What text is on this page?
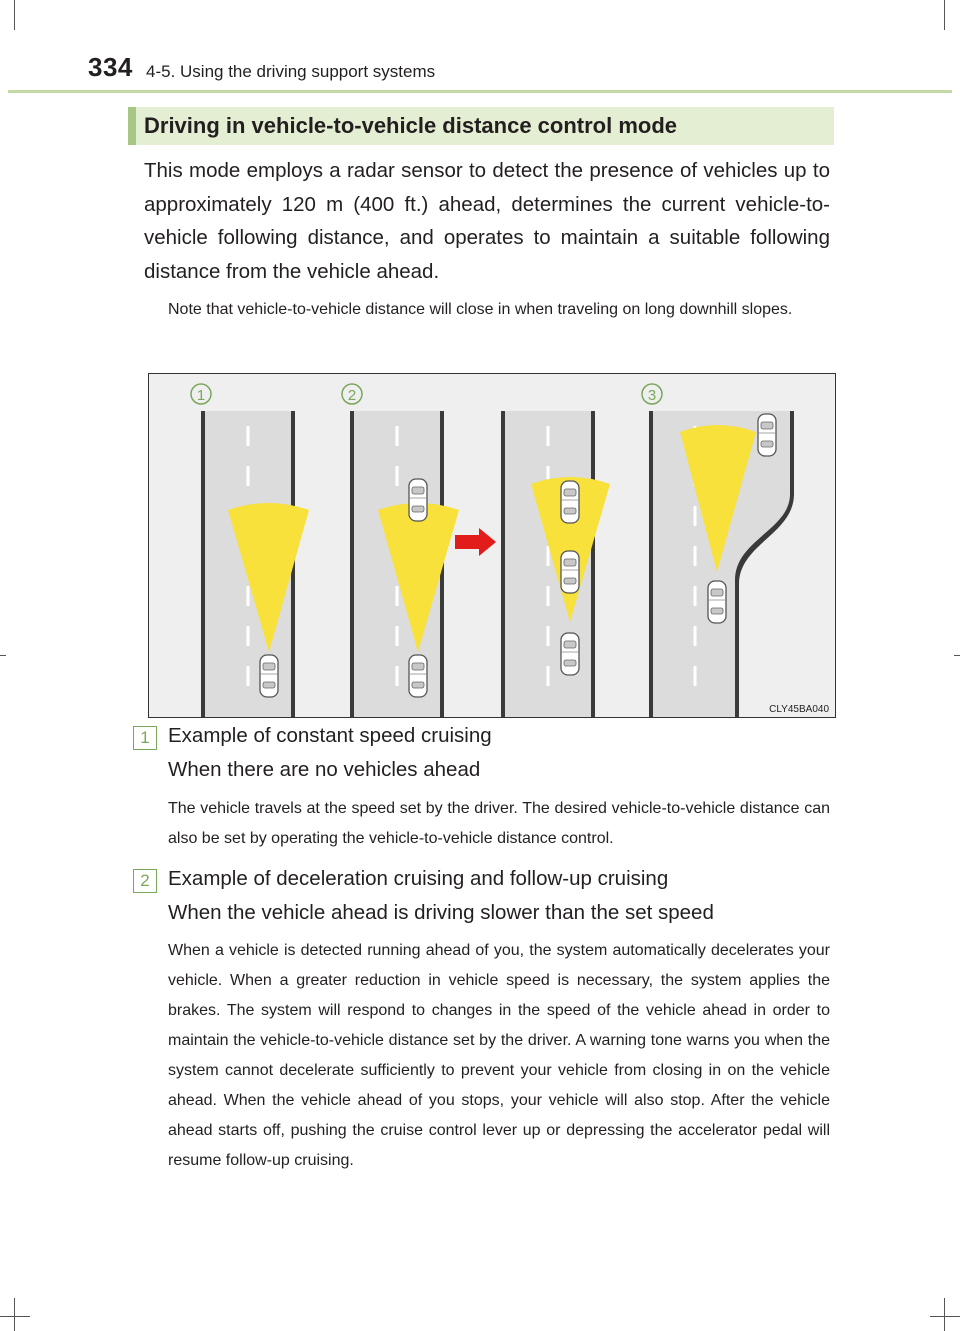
334 4-5. Using the driving support systems
Driving in vehicle-to-vehicle distance control mode

This mode employs a radar sensor to detect the presence of vehicles up to approximately 120 m (400 ft.) ahead, determines the current vehicle-to-vehicle following distance, and operates to maintain a suitable following distance from the vehicle ahead.

Note that vehicle-to-vehicle distance will close in when traveling on long downhill slopes.

1	2	3
CLY45BA040
1 Example of constant speed cruising
When there are no vehicles ahead

The vehicle travels at the speed set by the driver. The desired vehicle-to-vehicle distance can also be set by operating the vehicle-to-vehicle distance control.

2 Example of deceleration cruising and follow-up cruising
When the vehicle ahead is driving slower than the set speed

When a vehicle is detected running ahead of you, the system automatically decelerates your vehicle. When a greater reduction in vehicle speed is necessary, the system applies the brakes. The system will respond to changes in the speed of the vehicle ahead in order to maintain the vehicle-to-vehicle distance set by the driver. A warning tone warns you when the system cannot decelerate sufficiently to prevent your vehicle from closing in on the vehicle ahead. When the vehicle ahead of you stops, your vehicle will also stop. After the vehicle ahead starts off, pushing the cruise control lever up or depressing the accelerator pedal will resume follow-up cruising.
